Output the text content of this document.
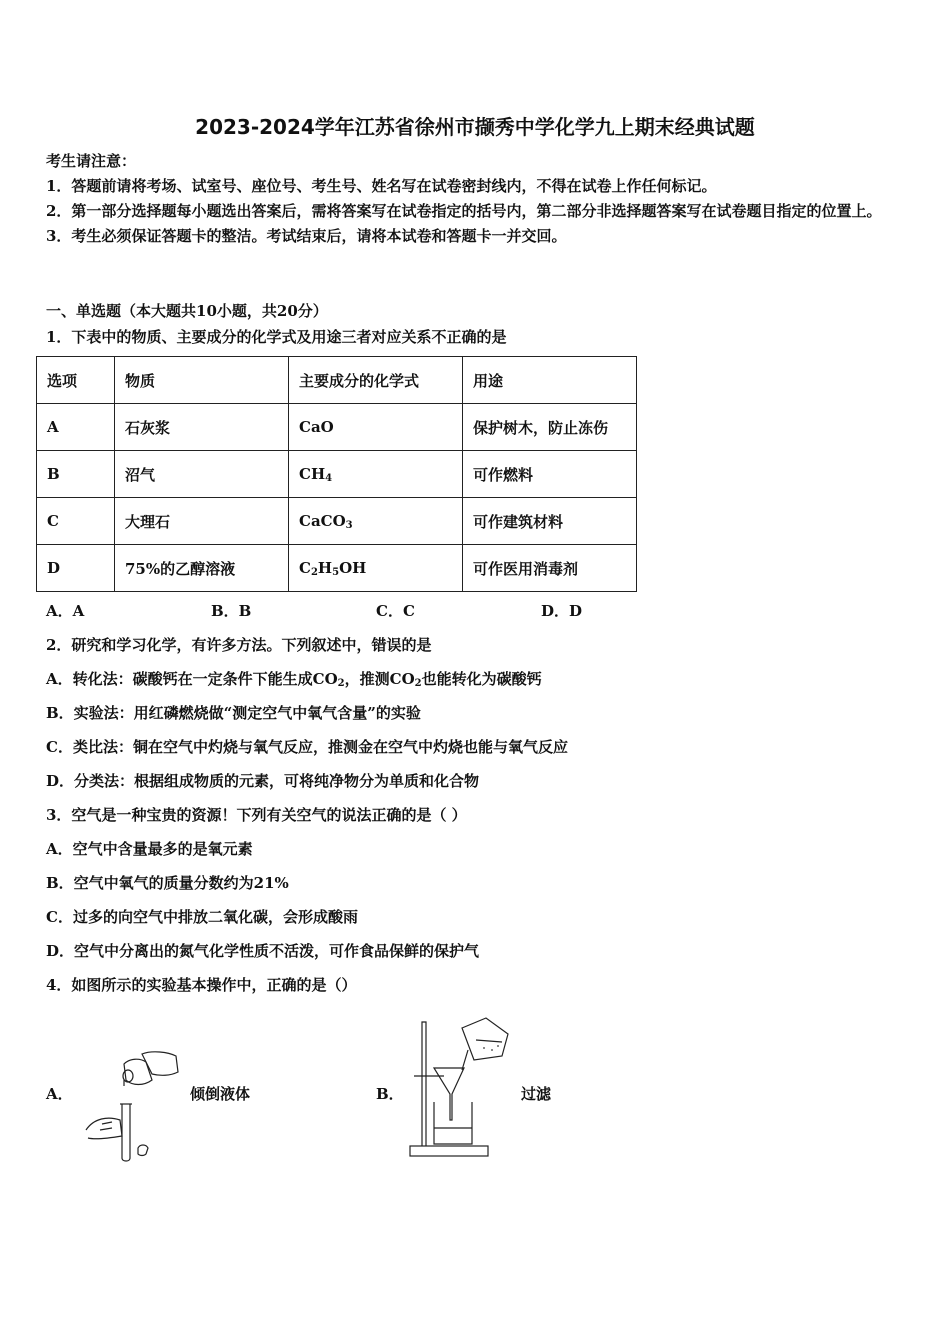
2023-2024学年江苏省徐州市撷秀中学化学九上期末经典试题
考生请注意：
1．答题前请将考场、试室号、座位号、考生号、姓名写在试卷密封线内，不得在试卷上作任何标记。
2．第一部分选择题每小题选出答案后，需将答案写在试卷指定的括号内，第二部分非选择题答案写在试卷题目指定的位置上。
3．考生必须保证答题卡的整洁。考试结束后，请将本试卷和答题卡一并交回。
一、单选题（本大题共10小题，共20分）
1．下表中的物质、主要成分的化学式及用途三者对应关系不正确的是
选项	物质	主要成分的化学式	用途
A	石灰浆	CaO	保护树木，防止冻伤
B	沼气	$CH_4$	可作燃料
C	大理石	CaCO$_3$	可作建筑材料
D	75%的乙醇溶液	$C_2H_5OH$	可作医用消毒剂
A．A	B．B	C．C	D．D
2．研究和学习化学，有许多方法。下列叙述中，错误的是
A．转化法：碳酸钙在一定条件下能生成$CO_2$，推测$CO_2$也能转化为碳酸钙
B．实验法：用红磷燃烧做“测定空气中氧气含量”的实验
C．类比法：铜在空气中灼烧与氧气反应，推测金在空气中灼烧也能与氧气反应
D．分类法：根据组成物质的元素，可将纯净物分为单质和化合物
3．空气是一种宝贵的资源！下列有关空气的说法正确的是（ ）
A．空气中含量最多的是氧元素
B．空气中氧气的质量分数约为21%
C．过多的向空气中排放二氧化碳，会形成酸雨
D．空气中分离出的氮气化学性质不活泼，可作食品保鲜的保护气
4．如图所示的实验基本操作中，正确的是（）
A．	倾倒液体	B．	过滤
